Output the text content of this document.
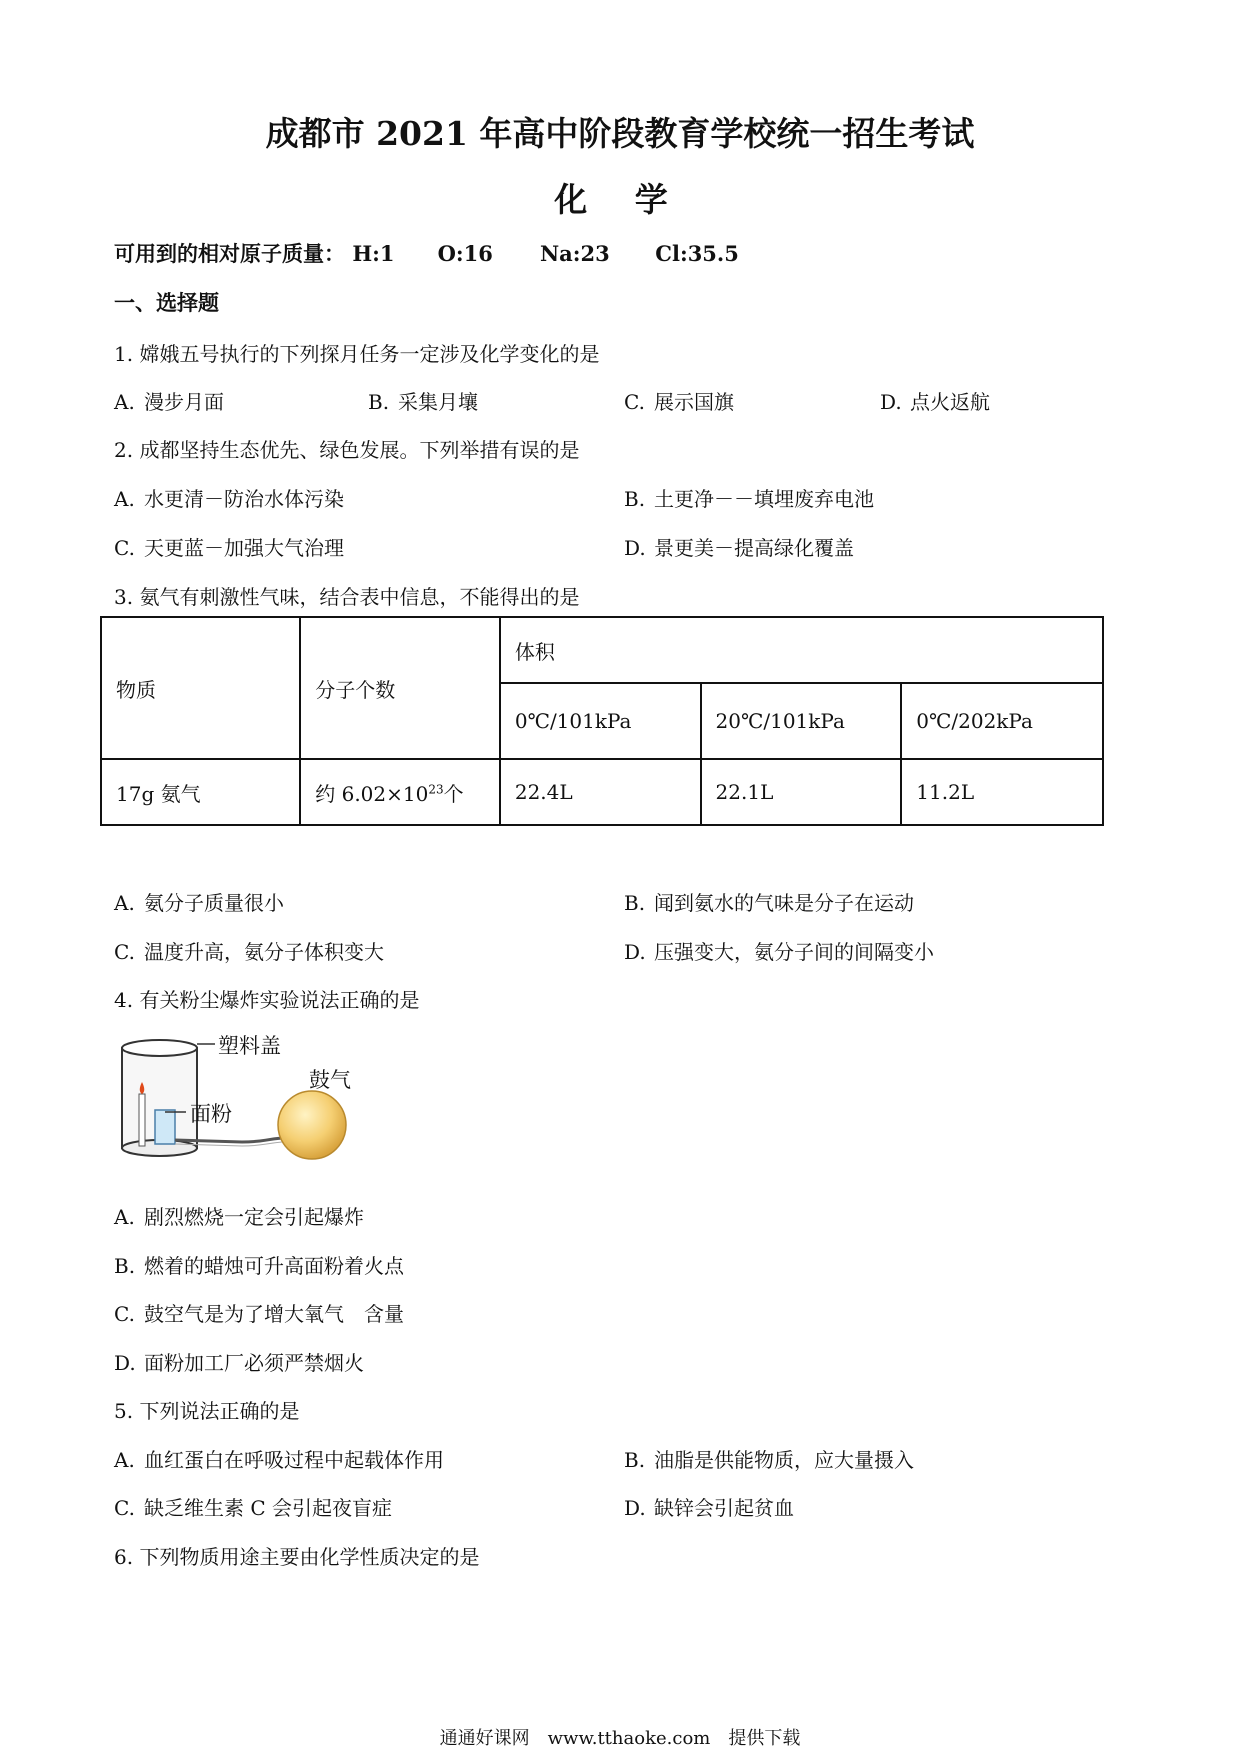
成都市 2021 年高中阶段教育学校统一招生考试
化 学
可用到的相对原子质量： H:1 O:16 Na:23 Cl:35.5
一、选择题
1. 嫦娥五号执行的下列探月任务一定涉及化学变化的是
A. 漫步月面	B. 采集月壤	C. 展示国旗	D. 点火返航
2. 成都坚持生态优先、绿色发展。下列举措有误的是
A. 水更清－防治水体污染	B. 土更净－－填埋废弃电池
C. 天更蓝－加强大气治理	D. 景更美－提高绿化覆盖
3. 氨气有刺激性气味，结合表中信息，不能得出的是
物质	分子个数	体积		
		0℃/101kPa	20℃/101kPa	0℃/202kPa
17g 氨气	约 $6.02\times 10^{23}$个	22.4L	22.1L	11.2L
A. 氨分子质量很小	B. 闻到氨水的气味是分子在运动
C. 温度升高，氨分子体积变大	D. 压强变大，氨分子间的间隔变小
4. 有关粉尘爆炸实验说法正确的是
塑料盖
面粉
鼓气
A. 剧烈燃烧一定会引起爆炸
B. 燃着的蜡烛可升高面粉着火点
C. 鼓空气是为了增大氧气　含量
D. 面粉加工厂必须严禁烟火
5. 下列说法正确的是
A. 血红蛋白在呼吸过程中起载体作用	B. 油脂是供能物质，应大量摄入
C. 缺乏维生素 C 会引起夜盲症	D. 缺锌会引起贫血
6. 下列物质用途主要由化学性质决定的是
通通好课网　www.tthaoke.com　提供下载
